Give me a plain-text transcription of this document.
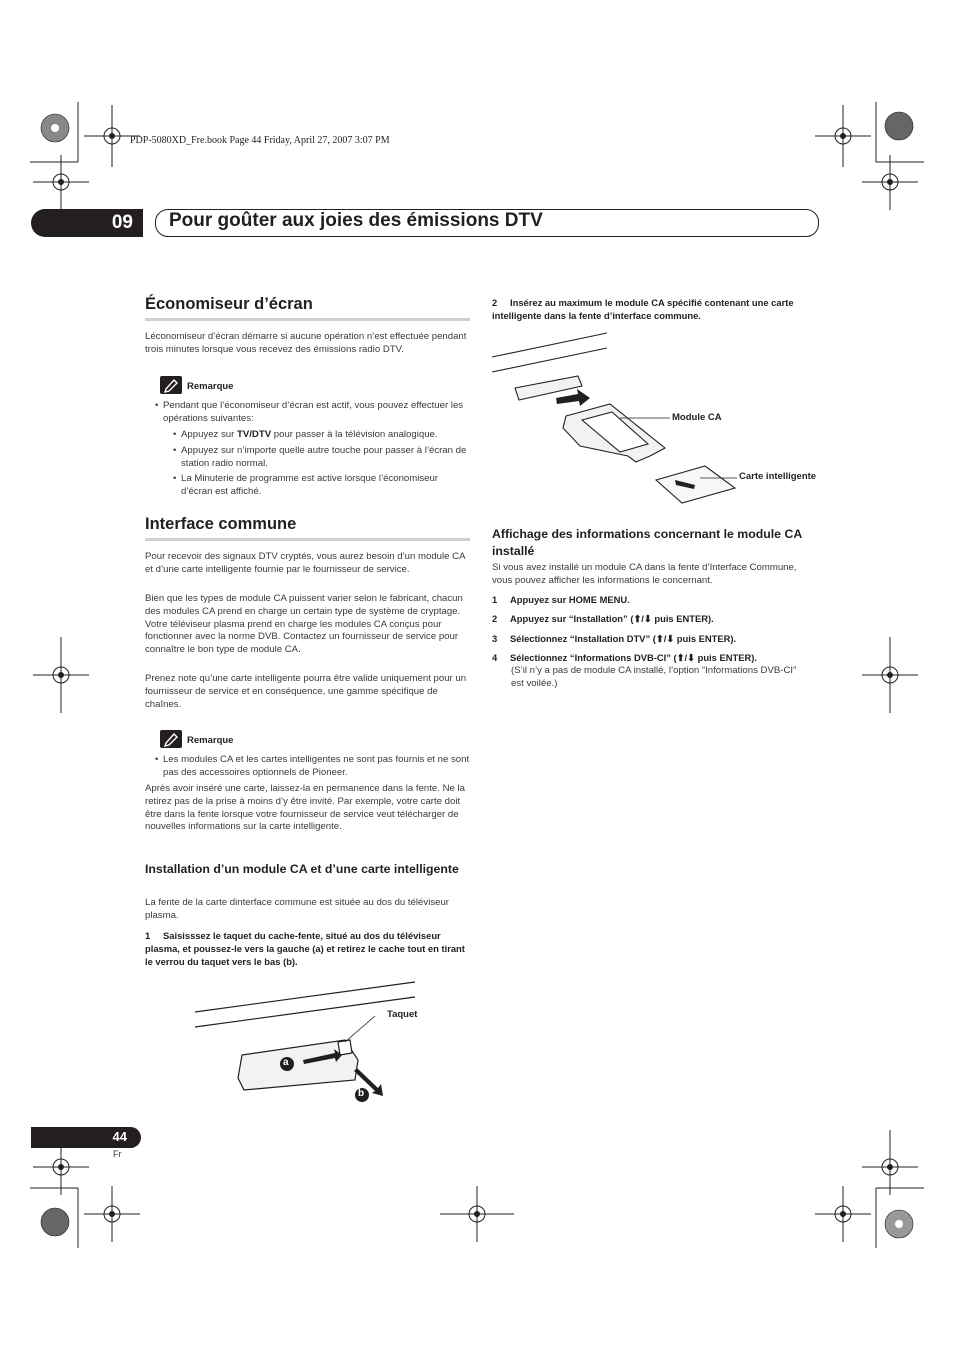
PDP-5080XD_Fre.book Page 44 Friday, April 27, 2007 3:07 PM
09 Pour goûter aux joies des émissions DTV
Économiseur d’écran
Léconomiseur d’écran démarre si aucune opération n’est effectuée pendant trois minutes lorsque vous recevez des émissions radio DTV.
Remarque
• Pendant que l’économiseur d’écran est actif, vous pouvez effectuer les opérations suivantes:
• Appuyez sur TV/DTV pour passer à la télévision analogique.
• Appuyez sur n’importe quelle autre touche pour passer à l’écran de station radio normal.
• La Minuterie de programme est active lorsque l’économiseur d’écran est affiché.
Interface commune
Pour recevoir des signaux DTV cryptés, vous aurez besoin d’un module CA et d’une carte intelligente fournie par le fournisseur de service.
Bien que les types de module CA puissent varier selon le fabricant, chacun des modules CA prend en charge un certain type de système de cryptage. Votre téléviseur plasma prend en charge les modules CA conçus pour fonctionner avec la norme DVB. Contactez un fournisseur de service pour connaître le bon type de module CA.
Prenez note qu’une carte intelligente pourra être valide uniquement pour un fournisseur de service et en conséquence, une gamme spécifique de chaînes.
Remarque
• Les modules CA et les cartes intelligentes ne sont pas fournis et ne sont pas des accessoires optionnels de Pioneer.
Après avoir inséré une carte, laissez-la en permanence dans la fente. Ne la retirez pas de la prise à moins d’y être invité. Par exemple, votre carte doit être dans la fente lorsque votre fournisseur de service veut télécharger de nouvelles informations sur la carte intelligente.
Installation d’un module CA et d’une carte intelligente
La fente de la carte dinterface commune est située au dos du téléviseur plasma.
1 Saisisssez le taquet du cache-fente, situé au dos du téléviseur plasma, et poussez-le vers la gauche (a) et retirez le cache tout en tirant le verrou du taquet vers le bas (b).
Taquet
a
b
2 Insérez au maximum le module CA spécifié contenant une carte intelligente dans la fente d’interface commune.
Module CA
Carte intelligente
Affichage des informations concernant le module CA installé
Si vous avez installé un module CA dans la fente d’Interface Commune, vous pouvez afficher les informations le concernant.
1 Appuyez sur HOME MENU.
2 Appuyez sur “Installation” (⬆/⬇ puis ENTER).
3 Sélectionnez “Installation DTV” (⬆/⬇ puis ENTER).
4 Sélectionnez “Informations DVB-CI” (⬆/⬇ puis ENTER).
(S’il n’y a pas de module CA installé, l’option “Informations DVB-CI” est voilée.)
44
Fr
